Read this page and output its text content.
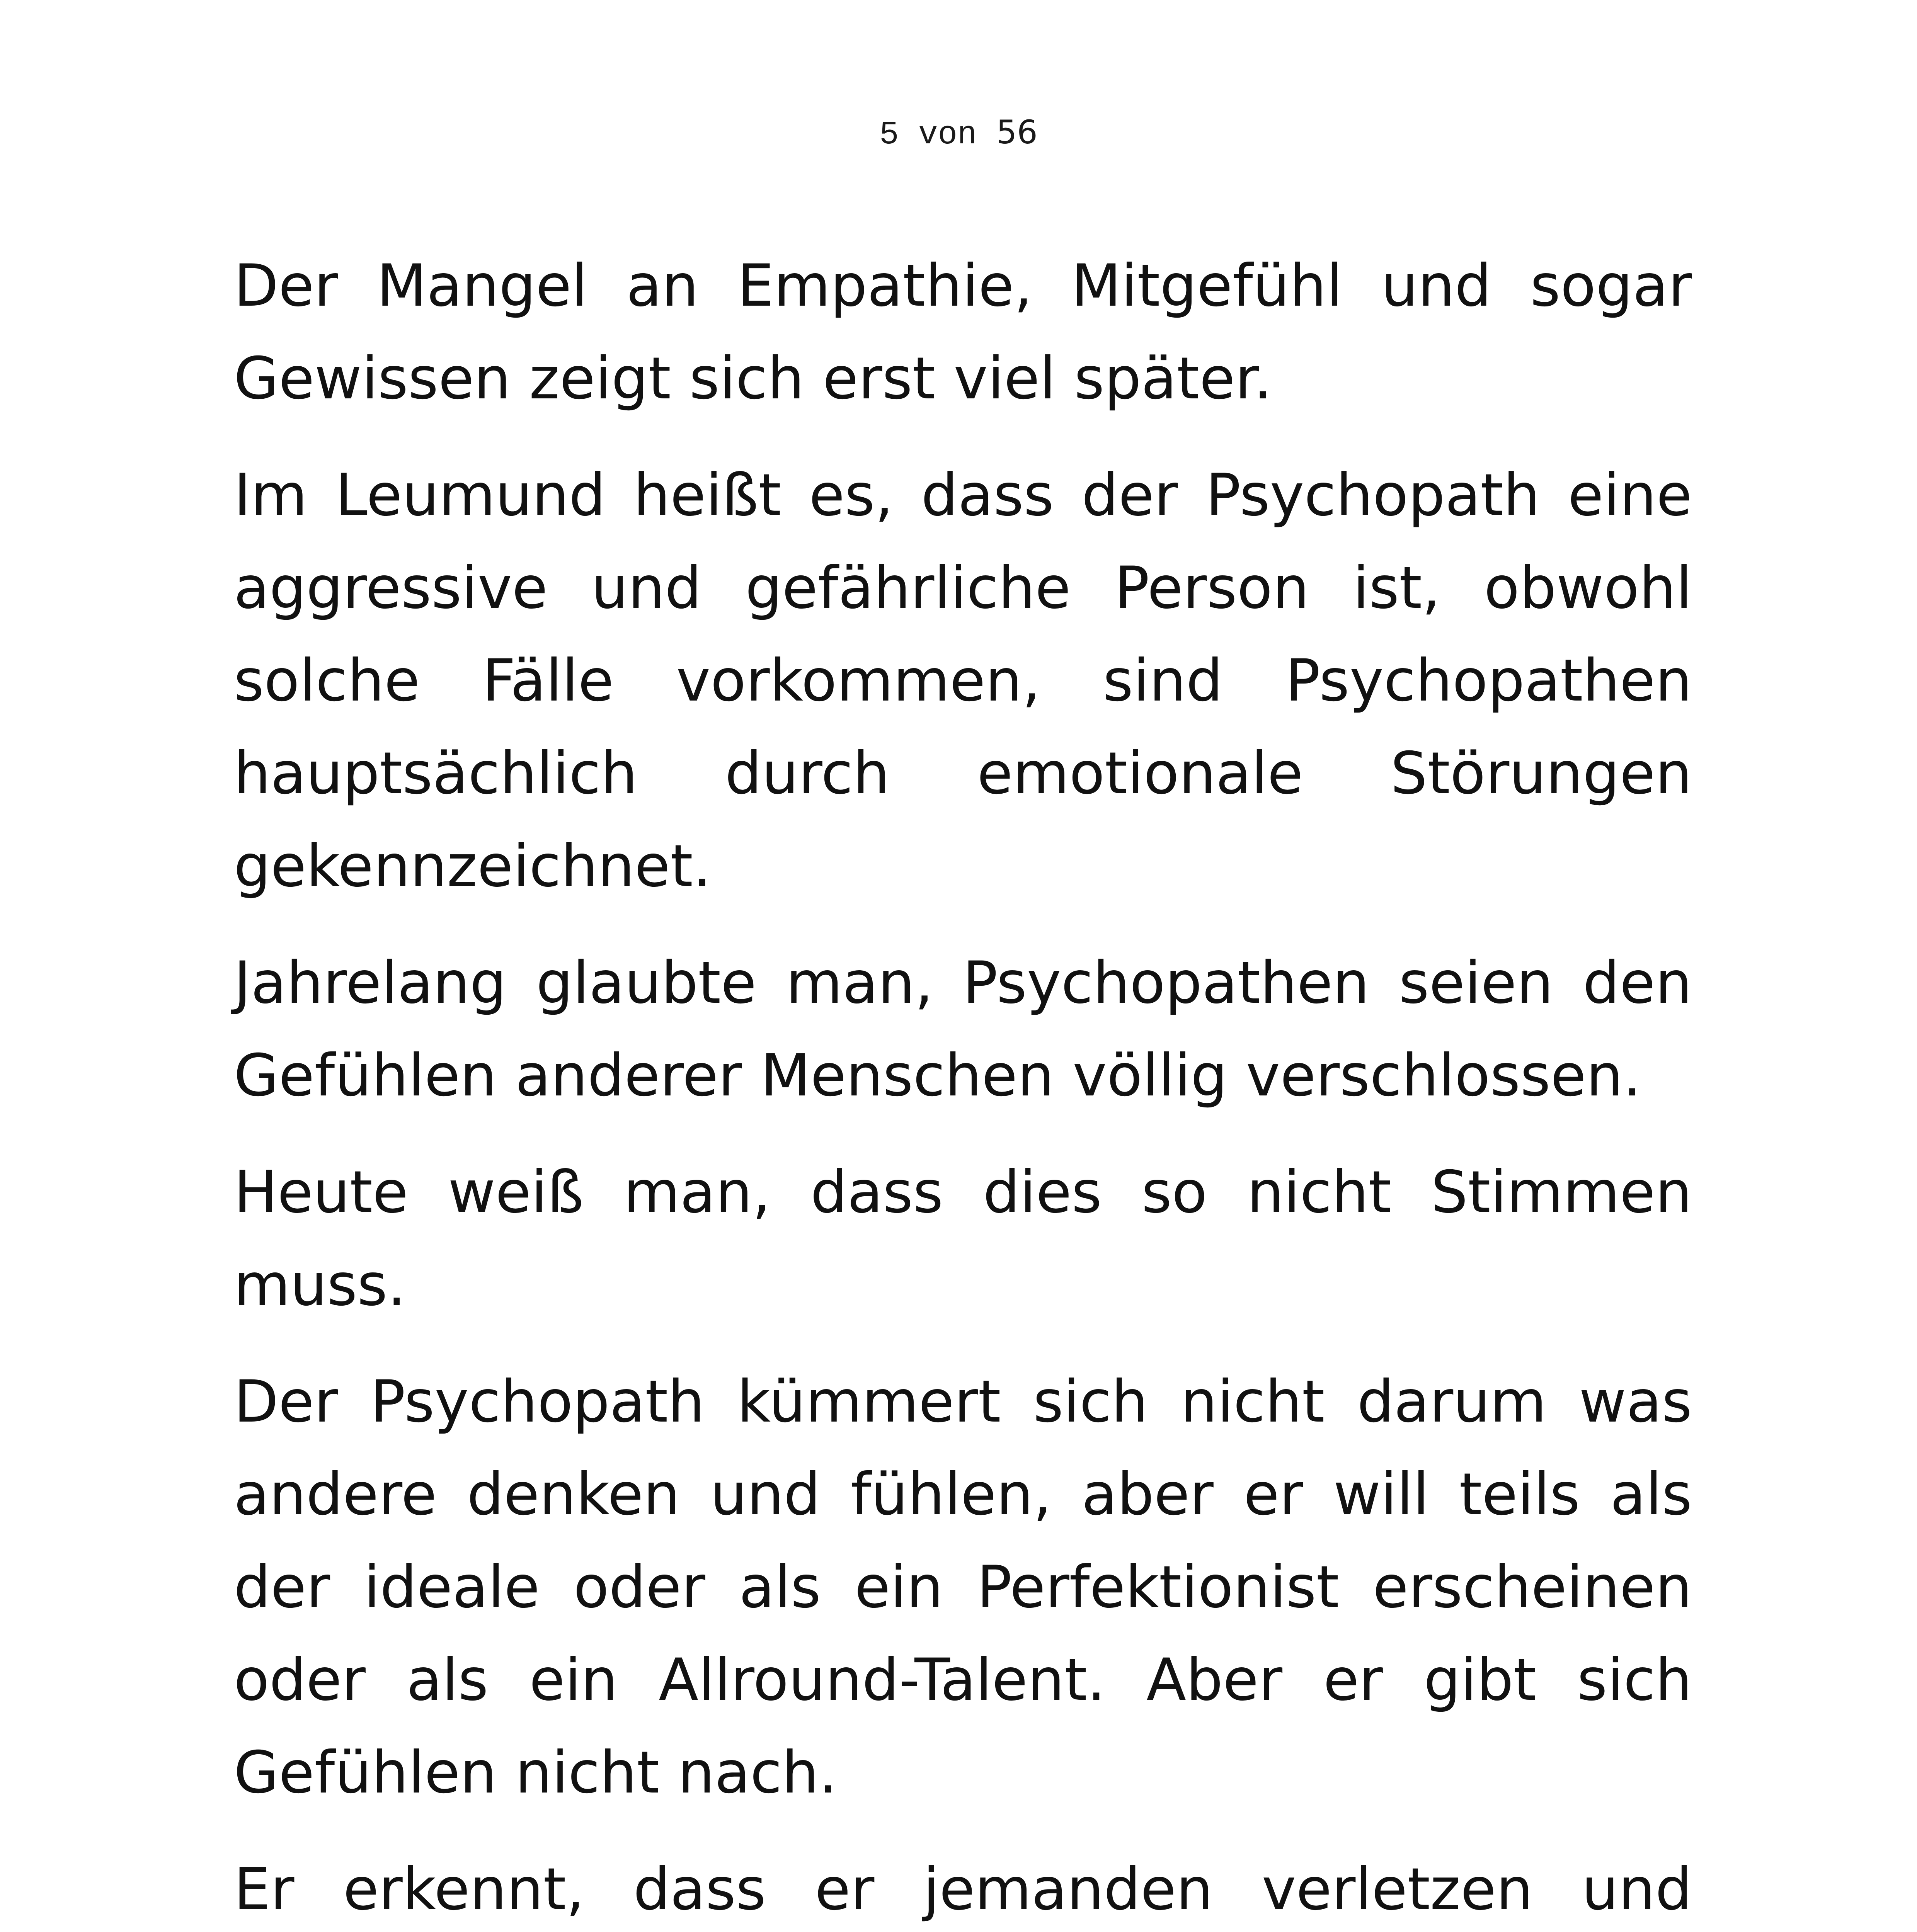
5 von 56

Der Mangel an Empathie, Mitgefühl und sogar Gewissen zeigt sich erst viel später.

Im Leumund heißt es, dass der Psychopath eine aggressive und gefährliche Person ist, obwohl solche Fälle vorkommen, sind Psychopathen hauptsächlich durch emotionale Störungen gekennzeichnet.

Jahrelang glaubte man, Psychopathen seien den Gefühlen anderer Menschen völlig verschlossen.

Heute weiß man, dass dies so nicht Stimmen muss.

Der Psychopath kümmert sich nicht darum was andere denken und fühlen, aber er will teils als der ideale oder als ein Perfektionist erscheinen oder als ein Allround-Talent. Aber er gibt sich Gefühlen nicht nach.

Er erkennt, dass er jemanden verletzen und
